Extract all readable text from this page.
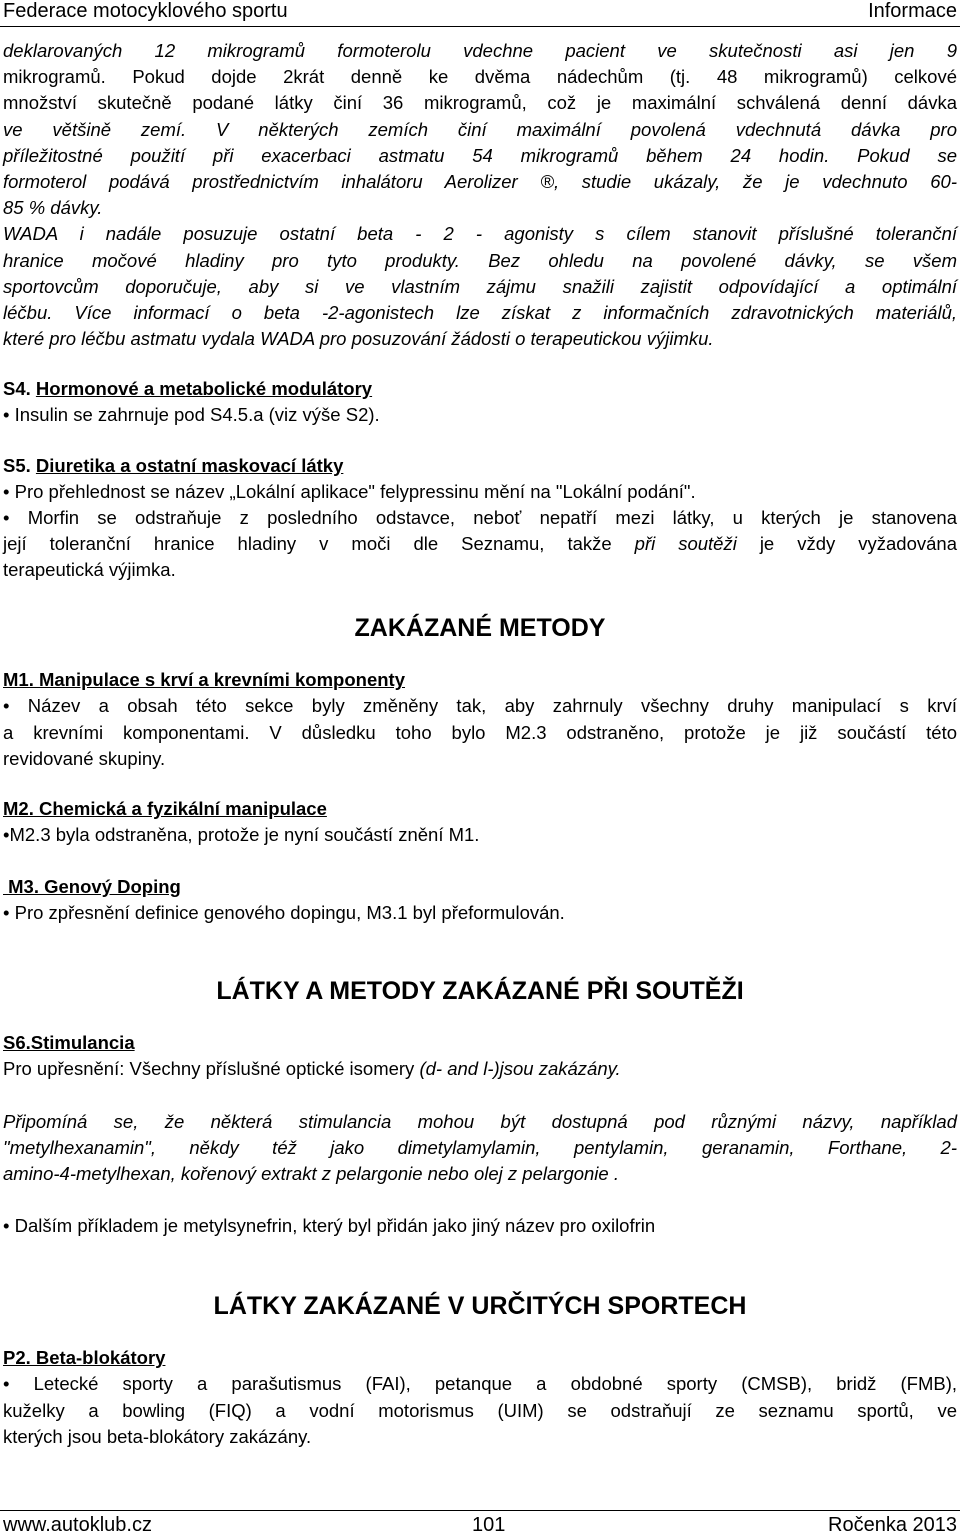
Federace motocyklového sportu	Informace

deklarovaných 12 mikrogramů formoterolu vdechne pacient ve skutečnosti asi jen 9

mikrogramů. Pokud dojde 2krát denně ke dvěma nádechům (tj. 48 mikrogramů) celkové

množství skutečně podané látky činí 36 mikrogramů, což je maximální schválená denní dávka

ve většině zemí. V některých zemích činí maximální povolená vdechnutá dávka pro

příležitostné použití při exacerbaci astmatu 54 mikrogramů během 24 hodin. Pokud se

formoterol podává prostřednictvím inhalátoru Aerolizer ®, studie ukázaly, že je vdechnuto 60-

85 % dávky.

WADA i nadále posuzuje ostatní beta - 2 - agonisty s cílem stanovit příslušné toleranční

hranice močové hladiny pro tyto produkty. Bez ohledu na povolené dávky, se všem

sportovcům doporučuje, aby si ve vlastním zájmu snažili zajistit odpovídající a optimální

léčbu. Více informací o beta -2-agonistech lze získat z informačních zdravotnických materiálů,

které pro léčbu astmatu vydala WADA pro posuzování žádosti o terapeutickou výjimku.

S4. Hormonové a metabolické modulátory

• Insulin se zahrnuje pod S4.5.a (viz výše S2).

S5. Diuretika a ostatní maskovací látky

• Pro přehlednost se název „Lokální aplikace" felypressinu mění na "Lokální podání".

• Morfin se odstraňuje z posledního odstavce, neboť nepatří mezi látky, u kterých je stanovena

její toleranční hranice hladiny v moči dle Seznamu, takže při soutěži je vždy vyžadována

terapeutická výjimka.

ZAKÁZANÉ METODY
M1. Manipulace s krví a krevními komponenty

• Název a obsah této sekce byly změněny tak, aby zahrnuly všechny druhy manipulací s krví

a krevními komponentami. V důsledku toho bylo M2.3 odstraněno, protože je již součástí této

revidované skupiny.

M2. Chemická a fyzikální manipulace

•M2.3 byla odstraněna, protože je nyní součástí znění M1.

M3. Genový Doping

• Pro zpřesnění definice genového dopingu, M3.1 byl přeformulován.

LÁTKY A METODY ZAKÁZANÉ PŘI SOUTĚŽI
S6.Stimulancia

Pro upřesnění: Všechny příslušné optické isomery (d- and l-)jsou zakázány.

Připomíná se, že některá stimulancia mohou být dostupná pod různými názvy, například

"metylhexanamin", někdy též jako dimetylamylamin, pentylamin, geranamin, Forthane, 2-

amino-4-metylhexan, kořenový extrakt z pelargonie nebo olej z pelargonie .

• Dalším příkladem je metylsynefrin, který byl přidán jako jiný název pro oxilofrin

LÁTKY ZAKÁZANÉ V URČITÝCH SPORTECH
P2. Beta-blokátory

• Letecké sporty a parašutismus (FAI), petanque a obdobné sporty (CMSB), bridž (FMB),

kuželky a bowling (FIQ) a vodní motorismus (UIM) se odstraňují ze seznamu sportů, ve

kterých jsou beta-blokátory zakázány.

www.autoklub.cz	101	Ročenka 2013
